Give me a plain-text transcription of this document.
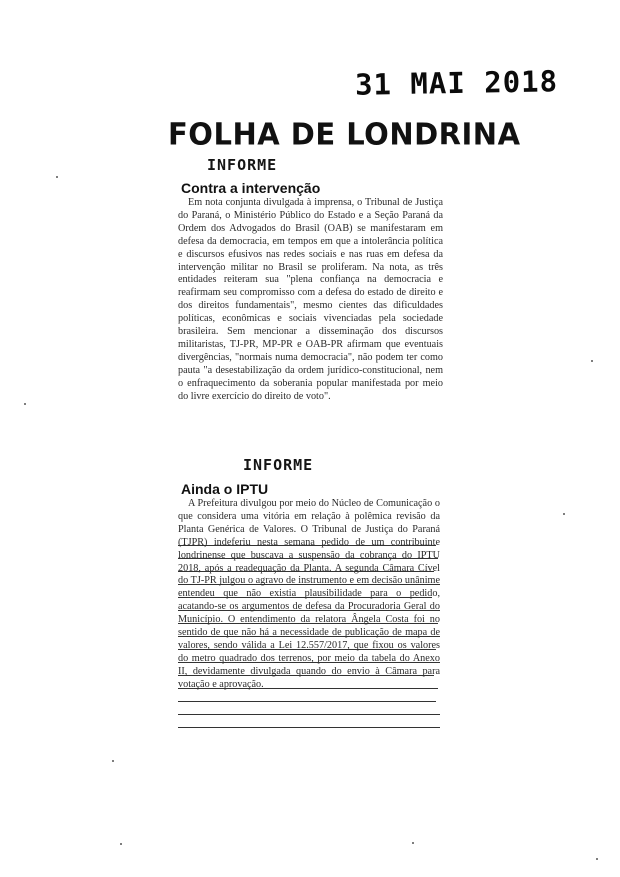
31 MAI 2018
FOLHA DE LONDRINA
INFORME
Contra a intervenção

Em nota conjunta divulgada à imprensa, o Tribunal de Justiça do Paraná, o Ministério Público do Estado e a Seção Paraná da Ordem dos Advogados do Brasil (OAB) se manifestaram em defesa da democracia, em tempos em que a intolerância política e discursos efusivos nas redes sociais e nas ruas em defesa da intervenção militar no Brasil se proliferam. Na nota, as três entidades reiteram sua "plena confiança na democracia e reafirmam seu compromisso com a defesa do estado de direito e dos direitos fundamentais", mesmo cientes das dificuldades políticas, econômicas e sociais vivenciadas pela sociedade brasileira. Sem mencionar a disseminação dos discursos militaristas, TJ-PR, MP-PR e OAB-PR afirmam que eventuais divergências, "normais numa democracia", não podem ter como pauta "a desestabilização da ordem jurídico-constitucional, nem o enfraquecimento da soberania popular manifestada por meio do livre exercício do direito de voto".

INFORME
Ainda o IPTU

A Prefeitura divulgou por meio do Núcleo de Comunicação o que considera uma vitória em relação à polêmica revisão da Planta Genérica de Valores. O Tribunal de Justiça do Paraná (TJPR) indeferiu nesta semana pedido de um contribuinte londrinense que buscava a suspensão da cobrança do IPTU 2018, após a readequação da Planta. A segunda Câmara Cível do TJ-PR julgou o agravo de instrumento e em decisão unânime entendeu que não existia plausibilidade para o pedido, acatando-se os argumentos de defesa da Procuradoria Geral do Município. O entendimento da relatora Ângela Costa foi no sentido de que não há a necessidade de publicação de mapa de valores, sendo válida a Lei 12.557/2017, que fixou os valores do metro quadrado dos terrenos, por meio da tabela do Anexo II, devidamente divulgada quando do envio à Câmara para votação e aprovação.
